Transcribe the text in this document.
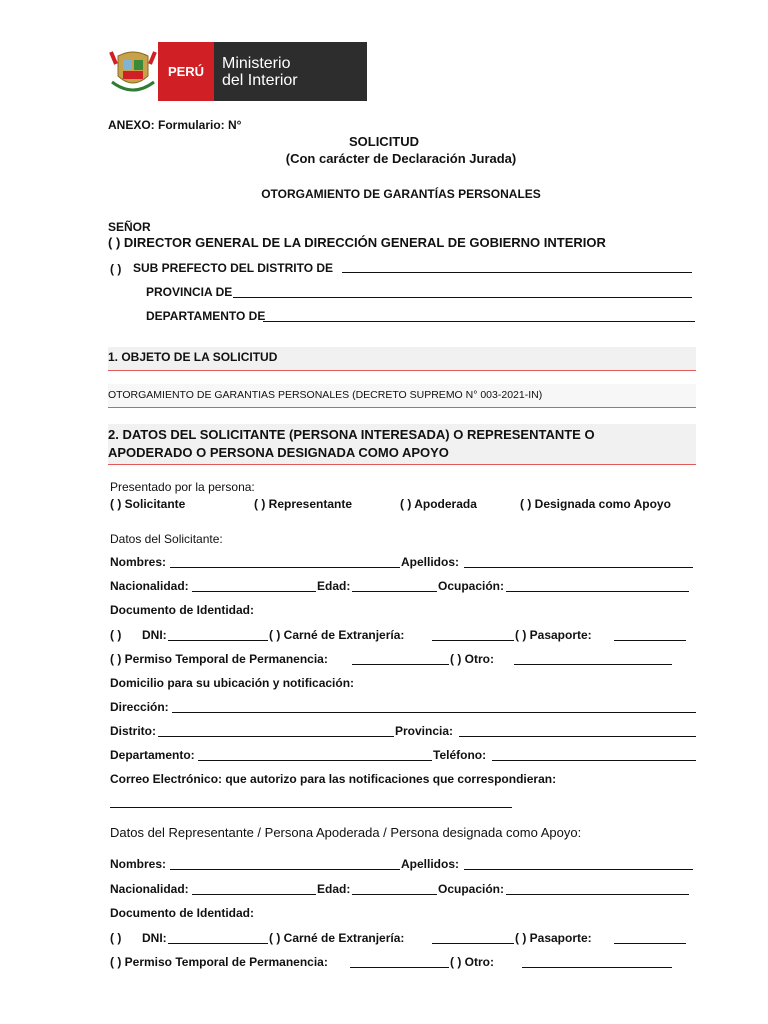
PERÚ	Ministerio
del Interior
ANEXO: Formulario: N°
SOLICITUD
(Con carácter de Declaración Jurada)
OTORGAMIENTO DE GARANTÍAS PERSONALES
SEÑOR
( ) DIRECTOR GENERAL DE LA DIRECCIÓN GENERAL DE GOBIERNO INTERIOR
( ) SUB PREFECTO DEL DISTRITO DE
PROVINCIA DE
DEPARTAMENTO DE
1. OBJETO DE LA SOLICITUD
OTORGAMIENTO DE GARANTIAS PERSONALES (DECRETO SUPREMO N° 003-2021-IN)
2. DATOS DEL SOLICITANTE (PERSONA INTERESADA) O REPRESENTANTE O
APODERADO O PERSONA DESIGNADA COMO APOYO
Presentado por la persona:
( ) Solicitante	( ) Representante	( ) Apoderada	( ) Designada como Apoyo
Datos del Solicitante:
Nombres:	Apellidos:
Nacionalidad:	Edad:	Ocupación:
Documento de Identidad:
( ) DNI:	( ) Carné de Extranjería:	( ) Pasaporte:
( ) Permiso Temporal de Permanencia:	( ) Otro:
Domicilio para su ubicación y notificación:
Dirección:
Distrito:	Provincia:
Departamento:	Teléfono:
Correo Electrónico: que autorizo para las notificaciones que correspondieran:
Datos del Representante / Persona Apoderada / Persona designada como Apoyo:
Nombres:	Apellidos:
Nacionalidad:	Edad:	Ocupación:
Documento de Identidad:
( ) DNI:	( ) Carné de Extranjería:	( ) Pasaporte:
( ) Permiso Temporal de Permanencia:	( ) Otro:
